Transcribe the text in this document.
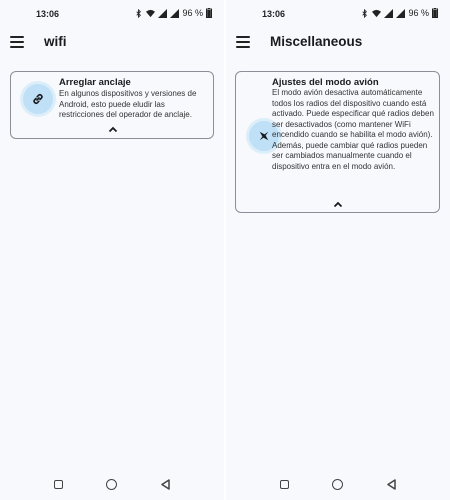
13:06	96 %
wifi
Arreglar anclaje
En algunos dispositivos y versiones de Android, esto puede eludir las restricciones del operador de anclaje.
13:06	96 %
Miscellaneous
Ajustes del modo avión
El modo avión desactiva automáticamente todos los radios del dispositivo cuando está activado. Puede especificar qué radios deben ser desactivados (como mantener WiFi encendido cuando se habilita el modo avión). Además, puede cambiar qué radios pueden ser cambiados manualmente cuando el dispositivo entra en el modo avión.
